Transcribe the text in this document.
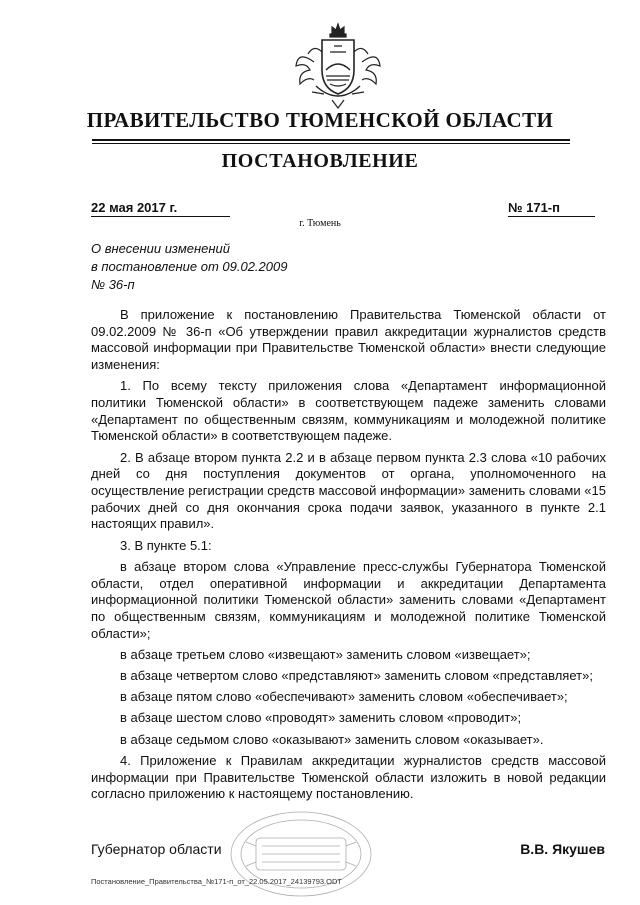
ПРАВИТЕЛЬСТВО ТЮМЕНСКОЙ ОБЛАСТИ
ПОСТАНОВЛЕНИЕ
22 мая 2017 г.	№ 171-п
г. Тюмень
О внесении изменений
в постановление от 09.02.2009
№ 36-п

В приложение к постановлению Правительства Тюменской области от 09.02.2009 № 36-п «Об утверждении правил аккредитации журналистов средств массовой информации при Правительстве Тюменской области» внести следующие изменения:

1. По всему тексту приложения слова «Департамент информационной политики Тюменской области» в соответствующем падеже заменить словами «Департамент по общественным связям, коммуникациям и молодежной политике Тюменской области» в соответствующем падеже.

2. В абзаце втором пункта 2.2 и в абзаце первом пункта 2.3 слова «10 рабочих дней со дня поступления документов от органа, уполномоченного на осуществление регистрации средств массовой информации» заменить словами «15 рабочих дней со дня окончания срока подачи заявок, указанного в пункте 2.1 настоящих правил».

3. В пункте 5.1:

в абзаце втором слова «Управление пресс-службы Губернатора Тюменской области, отдел оперативной информации и аккредитации Департамента информационной политики Тюменской области» заменить словами «Департамент по общественным связям, коммуникациям и молодежной политике Тюменской области»;

в абзаце третьем слово «извещают» заменить словом «извещает»;

в абзаце четвертом слово «представляют» заменить словом «представляет»;

в абзаце пятом слово «обеспечивают» заменить словом «обеспечивает»;

в абзаце шестом слово «проводят» заменить словом «проводит»;

в абзаце седьмом слово «оказывают» заменить словом «оказывает».

4. Приложение к Правилам аккредитации журналистов средств массовой информации при Правительстве Тюменской области изложить в новой редакции согласно приложению к настоящему постановлению.

Губернатор области	В.В. Якушев
Постановление_Правительства_№171-п_от_22.05.2017_24139793.ODT
